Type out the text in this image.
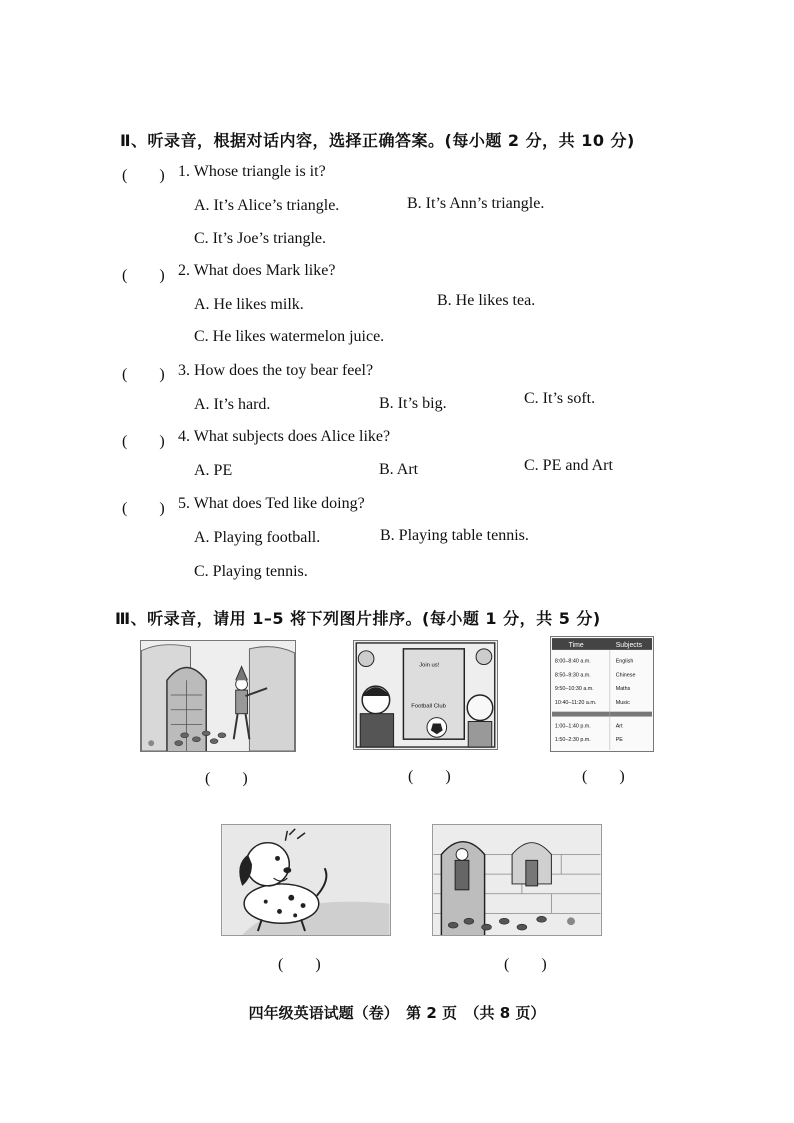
Ⅱ、听录音，根据对话内容，选择正确答案。(每小题 2 分，共 10 分)
(　　) 1. Whose triangle is it?
A. It’s Alice’s triangle.	B. It’s Ann’s triangle.
C. It’s Joe’s triangle.
(　　) 2. What does Mark like?
A. He likes milk.	B. He likes tea.
C. He likes watermelon juice.
(　　) 3. How does the toy bear feel?
A. It’s hard.	B. It’s big.	C. It’s soft.
(　　) 4. What subjects does Alice like?
A. PE	B. Art	C. PE and Art
(　　) 5. What does Ted like doing?
A. Playing football.	B. Playing table tennis.
C. Playing tennis.
Ⅲ、听录音，请用 1–5 将下列图片排序。(每小题 1 分，共 5 分)
Join us!
Football Club
Time	Subjects
8:00–8:40 a.m.	English
8:50–9:30 a.m.	Chinese
9:50–10:30 a.m.	Maths
10:40–11:20 a.m.	Music
1:00–1:40 p.m.	Art
1:50–2:30 p.m.	PE
(　　)	(　　)	(　　)
(　　)	(　　)
四年级英语试题（卷）　第 2 页　（共 8 页）
